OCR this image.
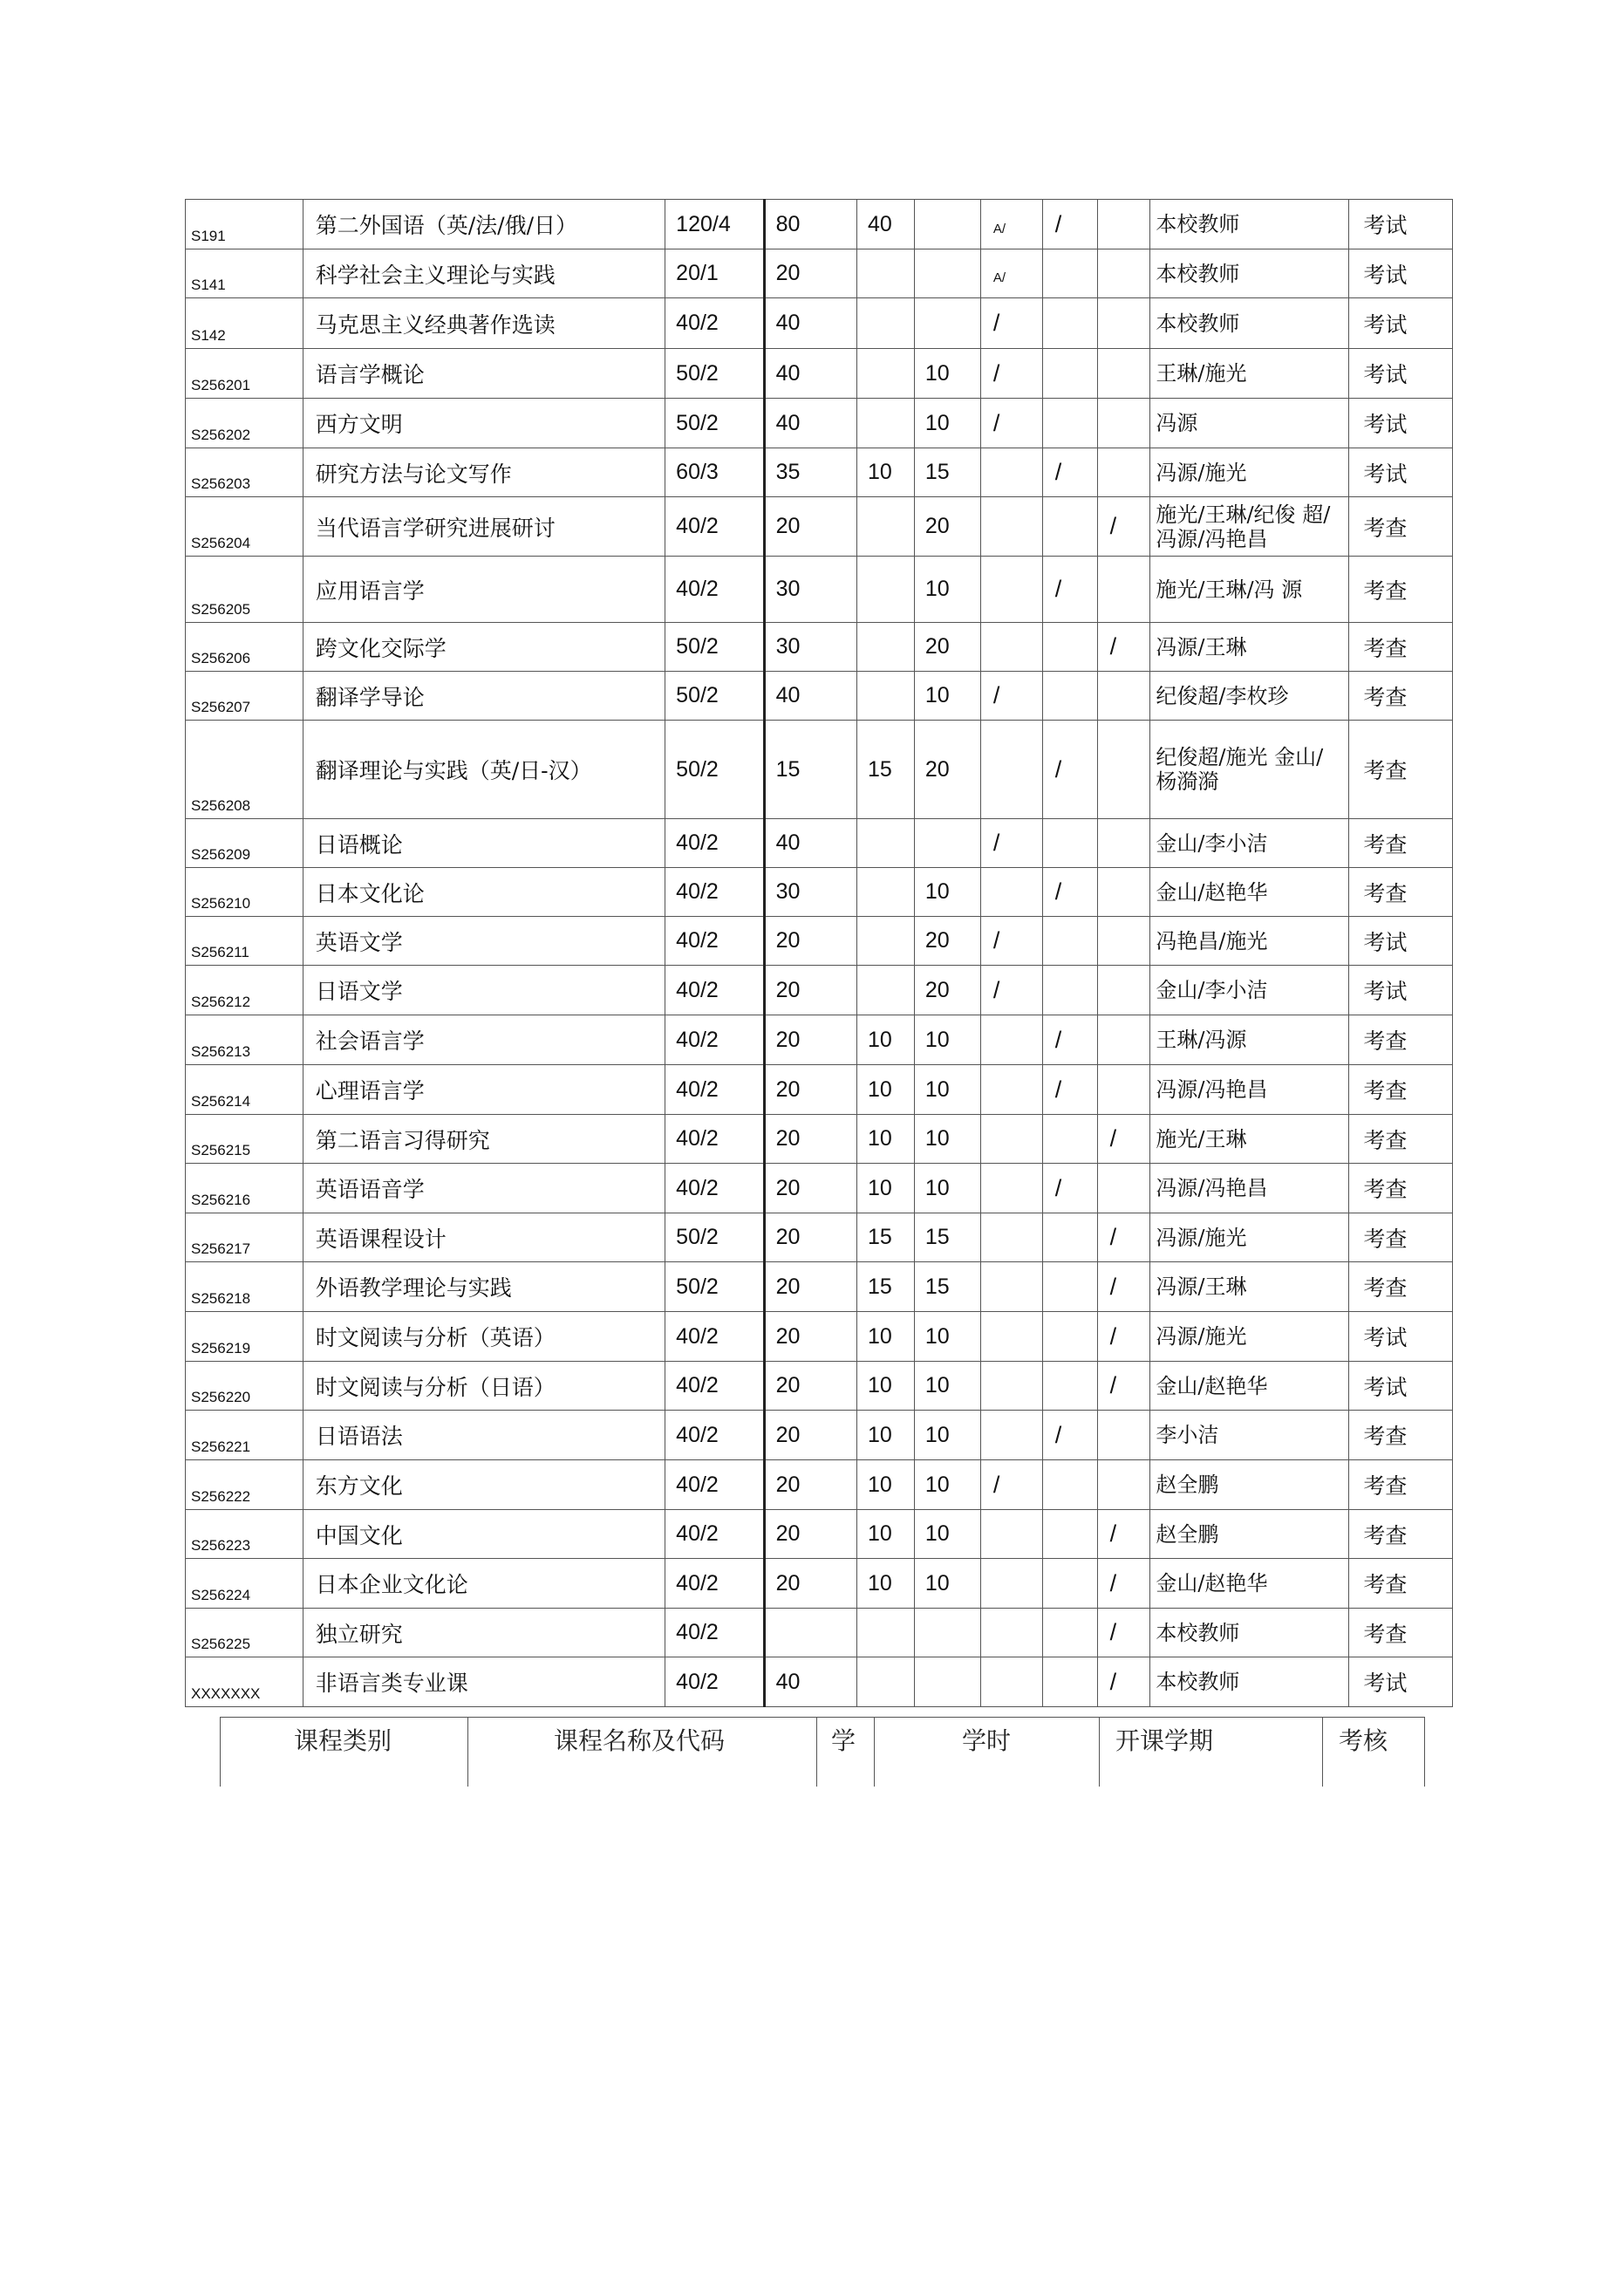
S191	第二外国语（英/法/俄/日）	120/4	80	40		A/	/		本校教师	考试
S141	科学社会主义理论与实践	20/1	20			A/			本校教师	考试
S142	马克思主义经典著作选读	40/2	40			/			本校教师	考试
S256201	语言学概论	50/2	40		10	/			王琳/施光	考试
S256202	西方文明	50/2	40		10	/			冯源	考试
S256203	研究方法与论文写作	60/3	35	10	15		/		冯源/施光	考试
S256204	当代语言学研究进展研讨	40/2	20		20			/	施光/王琳/纪俊 超/冯源/冯艳昌	考查
S256205	应用语言学	40/2	30		10		/		施光/王琳/冯 源	考查
S256206	跨文化交际学	50/2	30		20			/	冯源/王琳	考查
S256207	翻译学导论	50/2	40		10	/			纪俊超/李枚珍	考查
S256208	翻译理论与实践（英/日-汉）	50/2	15	15	20		/		纪俊超/施光 金山/杨漪漪	考查
S256209	日语概论	40/2	40			/			金山/李小洁	考查
S256210	日本文化论	40/2	30		10		/		金山/赵艳华	考查
S256211	英语文学	40/2	20		20	/			冯艳昌/施光	考试
S256212	日语文学	40/2	20		20	/			金山/李小洁	考试
S256213	社会语言学	40/2	20	10	10		/		王琳/冯源	考查
S256214	心理语言学	40/2	20	10	10		/		冯源/冯艳昌	考查
S256215	第二语言习得研究	40/2	20	10	10			/	施光/王琳	考查
S256216	英语语音学	40/2	20	10	10		/		冯源/冯艳昌	考查
S256217	英语课程设计	50/2	20	15	15			/	冯源/施光	考查
S256218	外语教学理论与实践	50/2	20	15	15			/	冯源/王琳	考查
S256219	时文阅读与分析（英语）	40/2	20	10	10			/	冯源/施光	考试
S256220	时文阅读与分析（日语）	40/2	20	10	10			/	金山/赵艳华	考试
S256221	日语语法	40/2	20	10	10		/		李小洁	考查
S256222	东方文化	40/2	20	10	10	/			赵全鹏	考查
S256223	中国文化	40/2	20	10	10			/	赵全鹏	考查
S256224	日本企业文化论	40/2	20	10	10			/	金山/赵艳华	考查
S256225	独立研究	40/2						/	本校教师	考查
XXXXXXX	非语言类专业课	40/2	40					/	本校教师	考试
课程类别	课程名称及代码	学	学时	开课学期	考核
